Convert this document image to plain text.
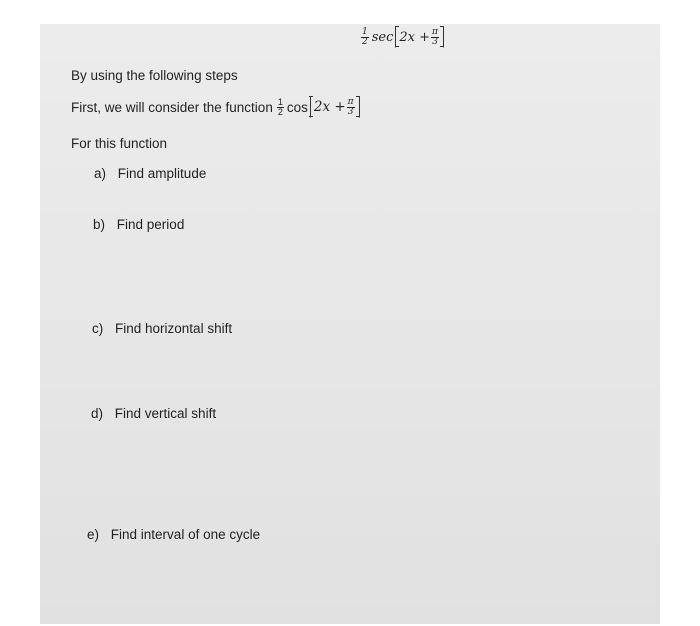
$\frac{1}{2}$ $\sec 2x + \frac{\pi}{3}$
By using the following steps
First, we will consider the function $\frac{1}{2}$ $\cos 2x + \frac{\pi}{3}$
For this function
a) Find amplitude
b) Find period
c) Find horizontal shift
d) Find vertical shift
e) Find interval of one cycle
